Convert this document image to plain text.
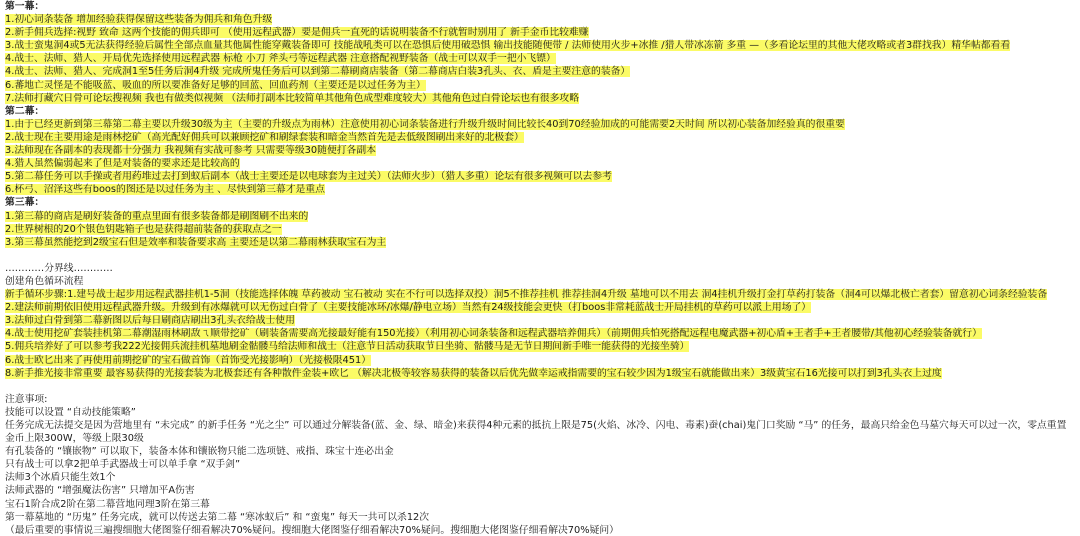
第一幕：
1.初心词条装备 增加经验获得保留这些装备为佣兵和角色升级
2.新手佣兵选择:视野 致命 这两个技能的佣兵即可 （使用远程武器）要是佣兵一直死的话说明装备不行就暂时别用了 新手金币比较难赚
3.战士蛮鬼洞4或5无法获得经验后属性全部点血量其他属性能穿戴装备即可 技能战吼类可以在恐惧后使用破恐惧 输出技能随便带 / 法师使用火步+冰推 /猎人带冰冻箭 多重 —（多看论坛里的其他大佬攻略或者3群找我）精华帖都看看
4.战士、法师、猎人、开局优先选择使用远程武器 标枪 小刀 斧头弓等远程武器 注意搭配视野装备（战士可以双手一把小飞镖）
4.战士、法师、猎人、完成洞1至5任务后洞4升级 完成所鬼任务后可以到第二幕刷商店装备（第二幕商店白装3孔头、衣、盾是主要注意的装备）
6.蕃地亡灵怪是不能吸蓝、吸血的所以要准备好足够的回蓝、回血药剂（主要还是以过任务为主）
7.法师打藏穴日骨可论坛搜视频 我也有做类似视频 （法师打副本比较简单其他角色成型难度较大）其他角色过白骨论坛也有很多攻略
第二幕：
1.由于已经更新到第三幕第二幕主要以升级30级为主（主要的升级点为雨林）注意使用初心词条装备进行升级升级时间比较长40到70经验加成的可能需要2天时间 所以初心装备加经验真的很重要
2.战士现在主要用途是雨林挖矿（高光配好佣兵可以兼顾挖矿和刷绿套装和暗金当然首先是去低级图刷出来好的北极套）
3.法师现在各副本的表现都十分强力 我视频有实战可参考 只需要等级30随便打各副本
4.猎人虽然偏弱起来了但是对装备的要求还是比较高的
5.第二幕任务可以手操或者用药堆过去打到蚁后副本（战士主要还是以电球套为主过关）（法师火步）（猎人多重）论坛有很多视频可以去参考
6.杯弓、沼泽这些有boos的图还是以过任务为主 、尽快到第三幕才是重点
第三幕：
1.第三幕的商店是刷好装备的重点里面有很多装备都是刷图刷不出来的
2.世界树根的20个银色钥匙箱子也是获得超前装备的获取点之一
3.第三幕虽然能挖到2级宝石但是效率和装备要求高 主要还是以第二幕雨林获取宝石为主
…………分界线…………
创建角色循环流程
新手循环步骤:1.建号战士起步用远程武器挂机1-5洞（技能选择体魄 草药被动 宝石被动 实在不行可以选择双投）洞5不推荐挂机 推荐挂洞4升级 墓地可以不用去 洞4挂机升级打金打草药打装备（洞4可以爆北极亡者套）留意初心词条经验装备
2.建法师前期依旧使用远程武器升级。升级到有冰爆就可以无伤过白骨了（主要技能冰环/冰爆/静电立场）当然有24级技能会更快（打boos非常耗蓝战士开局挂机的草药可以派上用场了）
3.法师过白骨到第二幕新图以后每日刷商店刷出3孔头衣给战士使用
4.战士使用挖矿套装挂机第二幕潮湿雨林刷敌ㄟ顺带挖矿（刷装备需要高光接最好能有150光接）（利用初心词条装备和远程武器培养佣兵）（前期佣兵怕死搭配远程电魔武器+初心盾+王者手+王者腰带/其他初心经验装备就行）
5.佣兵培养好了可以参考我222光接佣兵流挂机墓地刷金骷髅马给法师和战士（注意节日活动获取节日坐骑、骷髅马是无节日期间新手唯一能获得的光接坐骑）
6.战士欧匕出来了再使用前期挖矿的宝石做首饰（首饰受光接影响）（光接极限451）
8.新手推光接非常重要 最容易获得的光接套装为北极套还有各种散件金装+欧匕 （解决北极等较容易获得的装备以后优先做幸运戒指需要的宝石较少因为1级宝石就能做出来）3级黄宝石16光接可以打到3孔头衣上过度
注意事项:
技能可以设置 “自动技能策略”
任务完成无法提交是因为营地里有 “未完成” 的新手任务 “光之尘” 可以通过分解装备(蓝、金、绿、暗金)来获得4种元素的抵抗上限是75(火焰、冰冷、闪电、毒素)蚕(chai)鬼门口奖励 “马” 的任务，最高只给金色马墓穴每天可以过一次，零点重置
金币上限300W，等级上限30级
有孔装备的 “镶嵌物” 可以取下，装备本体和镶嵌物只能二选项链、戒指、珠宝十连必出金
只有战士可以拿2把单手武器战士可以单手拿 “双手剑”
法师3个冰盾只能生效1个
法师武器的 “增强魔法伤害” 只增加平A伤害
宝石1阶合成2阶在第二幕营地同理3阶在第三幕
第一幕墓地的 “历鬼” 任务完成，就可以传送去第二幕 “寒冰蚁后” 和 “蛮鬼” 每天一共可以杀12次
（最后重要的事情说三遍搜细胞大佬图鉴仔细看解决70%疑问。搜细胞大佬图鉴仔细看解决70%疑问。搜细胞大佬图鉴仔细看解决70%疑问）
